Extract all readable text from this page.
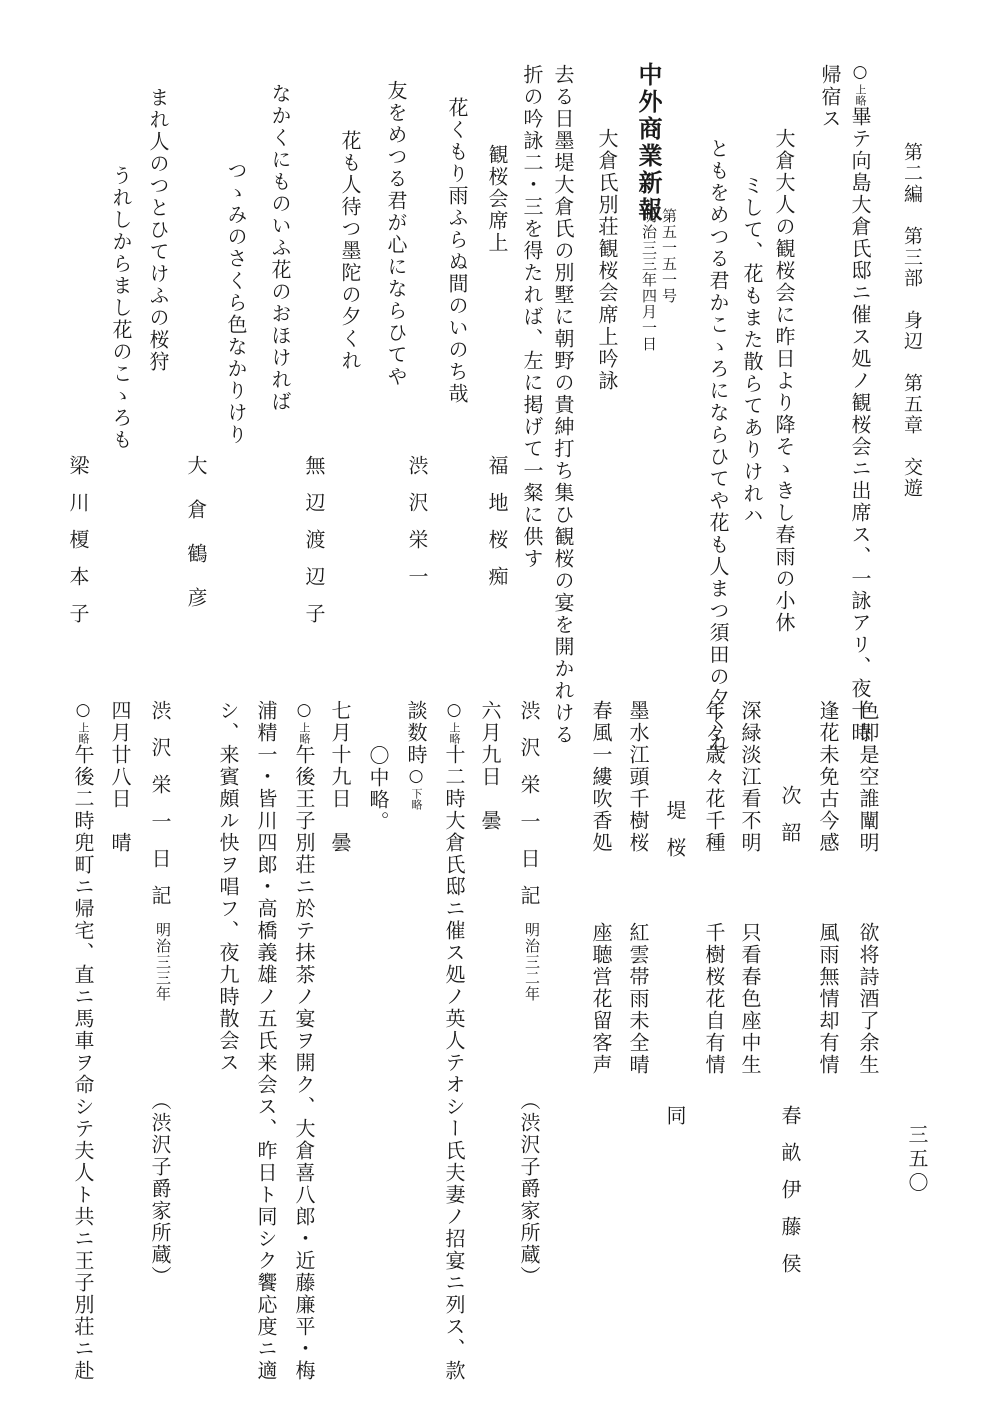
第二編　第三部　身辺　第五章　交遊
三五〇
○上略畢テ向島大倉氏邸ニ催ス処ノ観桜会ニ出席ス、一詠アリ、夜十時
帰宿ス
大倉大人の観桜会に昨日より降そゝきし春雨の小休
ミして、花もまた散らてありけれハ
ともをめつる君かこゝろにならひてや花も人まつ須田の夕くれ
中外商業新報
第五一五一号
明治三三年四月一日
大倉氏別荘観桜会席上吟詠
去る日墨堤大倉氏の別墅に朝野の貴紳打ち集ひ観桜の宴を開かれける
折の吟詠二・三を得たれば、左に掲げて一粲に供す
観桜会席上
福地桜痴
花くもり雨ふらぬ間のいのち哉
友をめつる君が心にならひてや
渋沢栄一
花も人待つ墨陀の夕くれ
なかくにものいふ花のおほければ
無辺渡辺子
つゝみのさくら色なかりけり
大倉鶴彦
まれ人のつとひてけふの桜狩
うれしからまし花のこゝろも
梁川榎本子
色即是空誰闡明
欲将詩酒了余生
逢花未免古今感
風雨無情却有情
次韶
春畝伊藤侯
深緑淡江看不明
只看春色座中生
年々歳々花千種
千樹桜花自有情
堤桜
同
墨水江頭千樹桜
紅雲帯雨未全晴
春風一縷吹香処
座聴営花留客声
渋沢栄一日記
明治三二年
（渋沢子爵家所蔵）
六月九日　曇
○上略十二時大倉氏邸ニ催ス処ノ英人テオシー氏夫妻ノ招宴ニ列ス、款
談数時○下略
〇中略。
七月十九日　曇
○上略午後王子別荘ニ於テ抹茶ノ宴ヲ開ク、大倉喜八郎・近藤廉平・梅
浦精一・皆川四郎・高橋義雄ノ五氏来会ス、昨日ト同シク饗応度ニ適
シ、来賓頗ル快ヲ唱フ、夜九時散会ス
渋沢栄一日記
明治三三年
（渋沢子爵家所蔵）
四月廿八日　晴
○上略午後二時兜町ニ帰宅、直ニ馬車ヲ命シテ夫人ト共ニ王子別荘ニ赴
